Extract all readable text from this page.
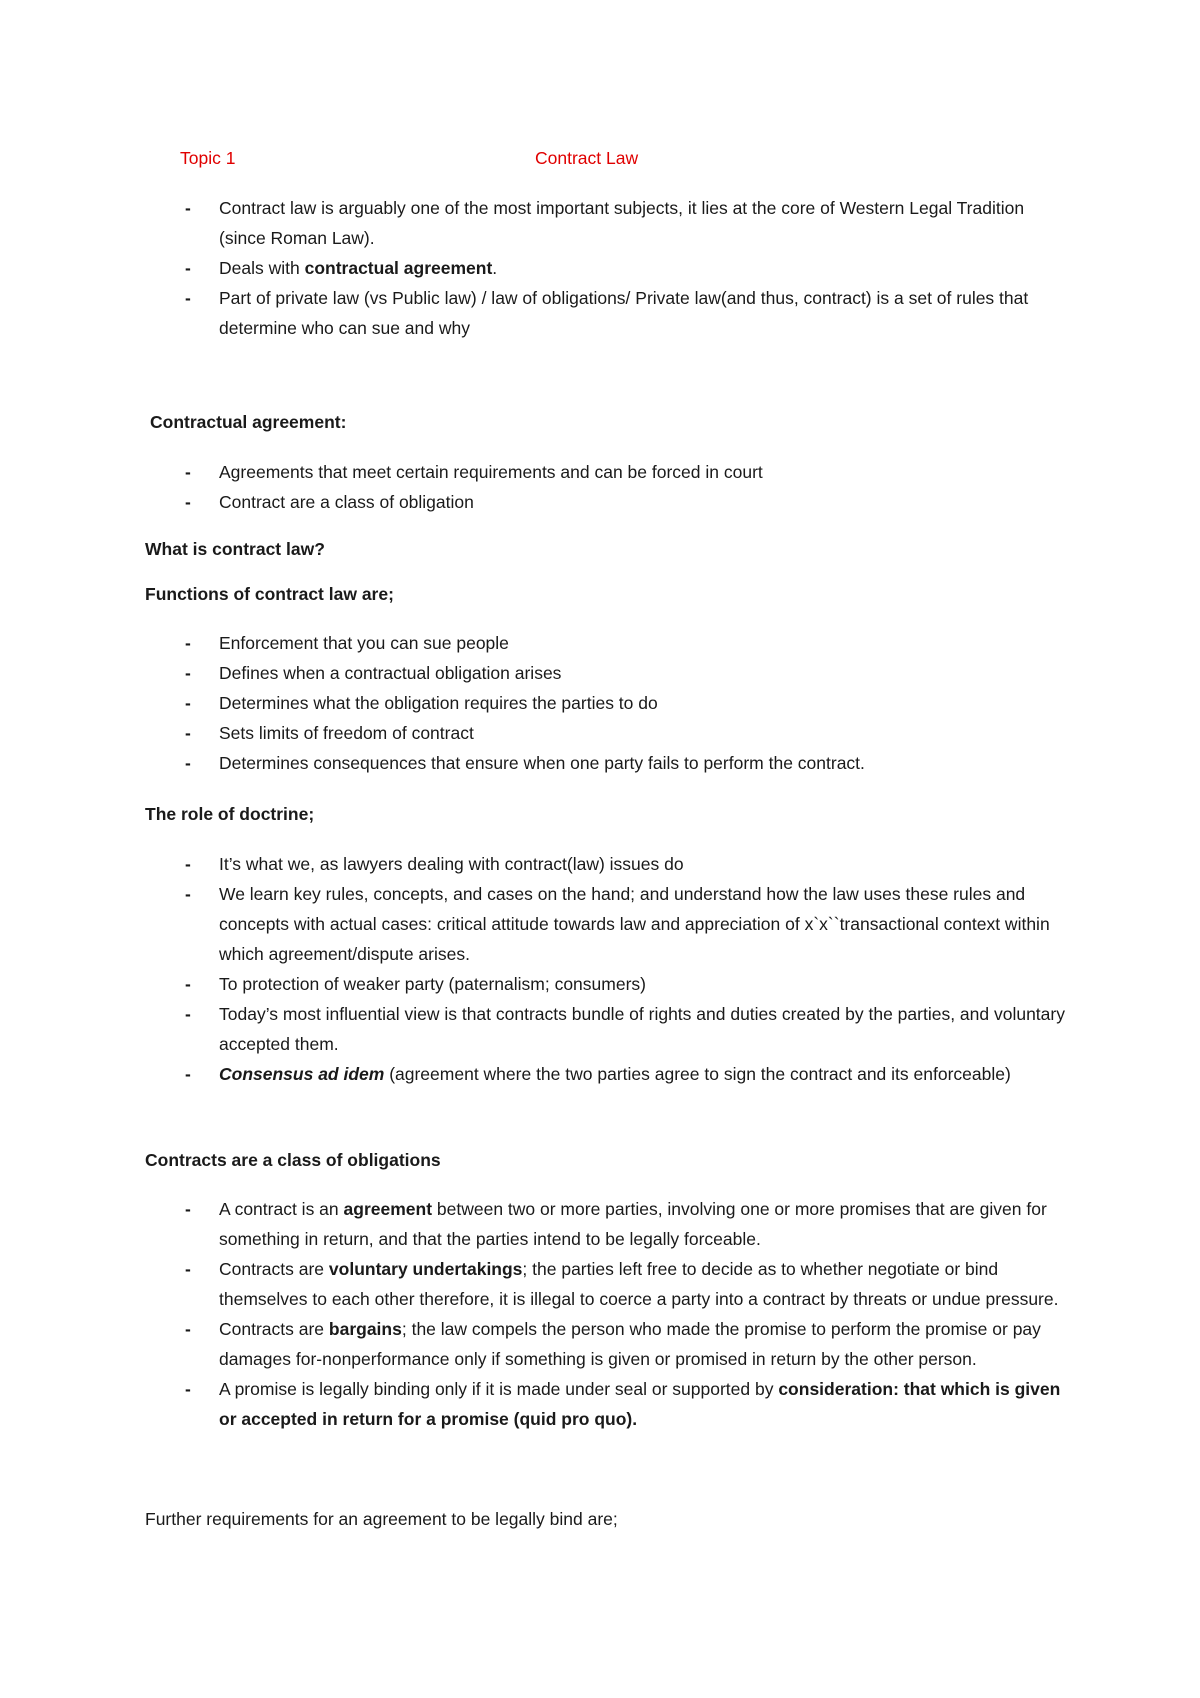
Topic 1	Contract Law
- Contract law is arguably one of the most important subjects, it lies at the core of Western Legal Tradition (since Roman Law).
- Deals with contractual agreement.
- Part of private law (vs Public law) / law of obligations/ Private law(and thus, contract) is a set of rules that determine who can sue and why
Contractual agreement:
- Agreements that meet certain requirements and can be forced in court
- Contract are a class of obligation
What is contract law?
Functions of contract law are;
- Enforcement that you can sue people
- Defines when a contractual obligation arises
- Determines what the obligation requires the parties to do
- Sets limits of freedom of contract
- Determines consequences that ensure when one party fails to perform the contract.
The role of doctrine;
- It’s what we, as lawyers dealing with contract(law) issues do
- We learn key rules, concepts, and cases on the hand; and understand how the law uses these rules and concepts with actual cases: critical attitude towards law and appreciation of x`x``transactional context within which agreement/dispute arises.
- To protection of weaker party (paternalism; consumers)
- Today’s most influential view is that contracts bundle of rights and duties created by the parties, and voluntary accepted them.
- Consensus ad idem (agreement where the two parties agree to sign the contract and its enforceable)
Contracts are a class of obligations
- A contract is an agreement between two or more parties, involving one or more promises that are given for something in return, and that the parties intend to be legally forceable.
- Contracts are voluntary undertakings; the parties left free to decide as to whether negotiate or bind themselves to each other therefore, it is illegal to coerce a party into a contract by threats or undue pressure.
- Contracts are bargains; the law compels the person who made the promise to perform the promise or pay damages for-nonperformance only if something is given or promised in return by the other person.
- A promise is legally binding only if it is made under seal or supported by consideration: that which is given or accepted in return for a promise (quid pro quo).
Further requirements for an agreement to be legally bind are;
